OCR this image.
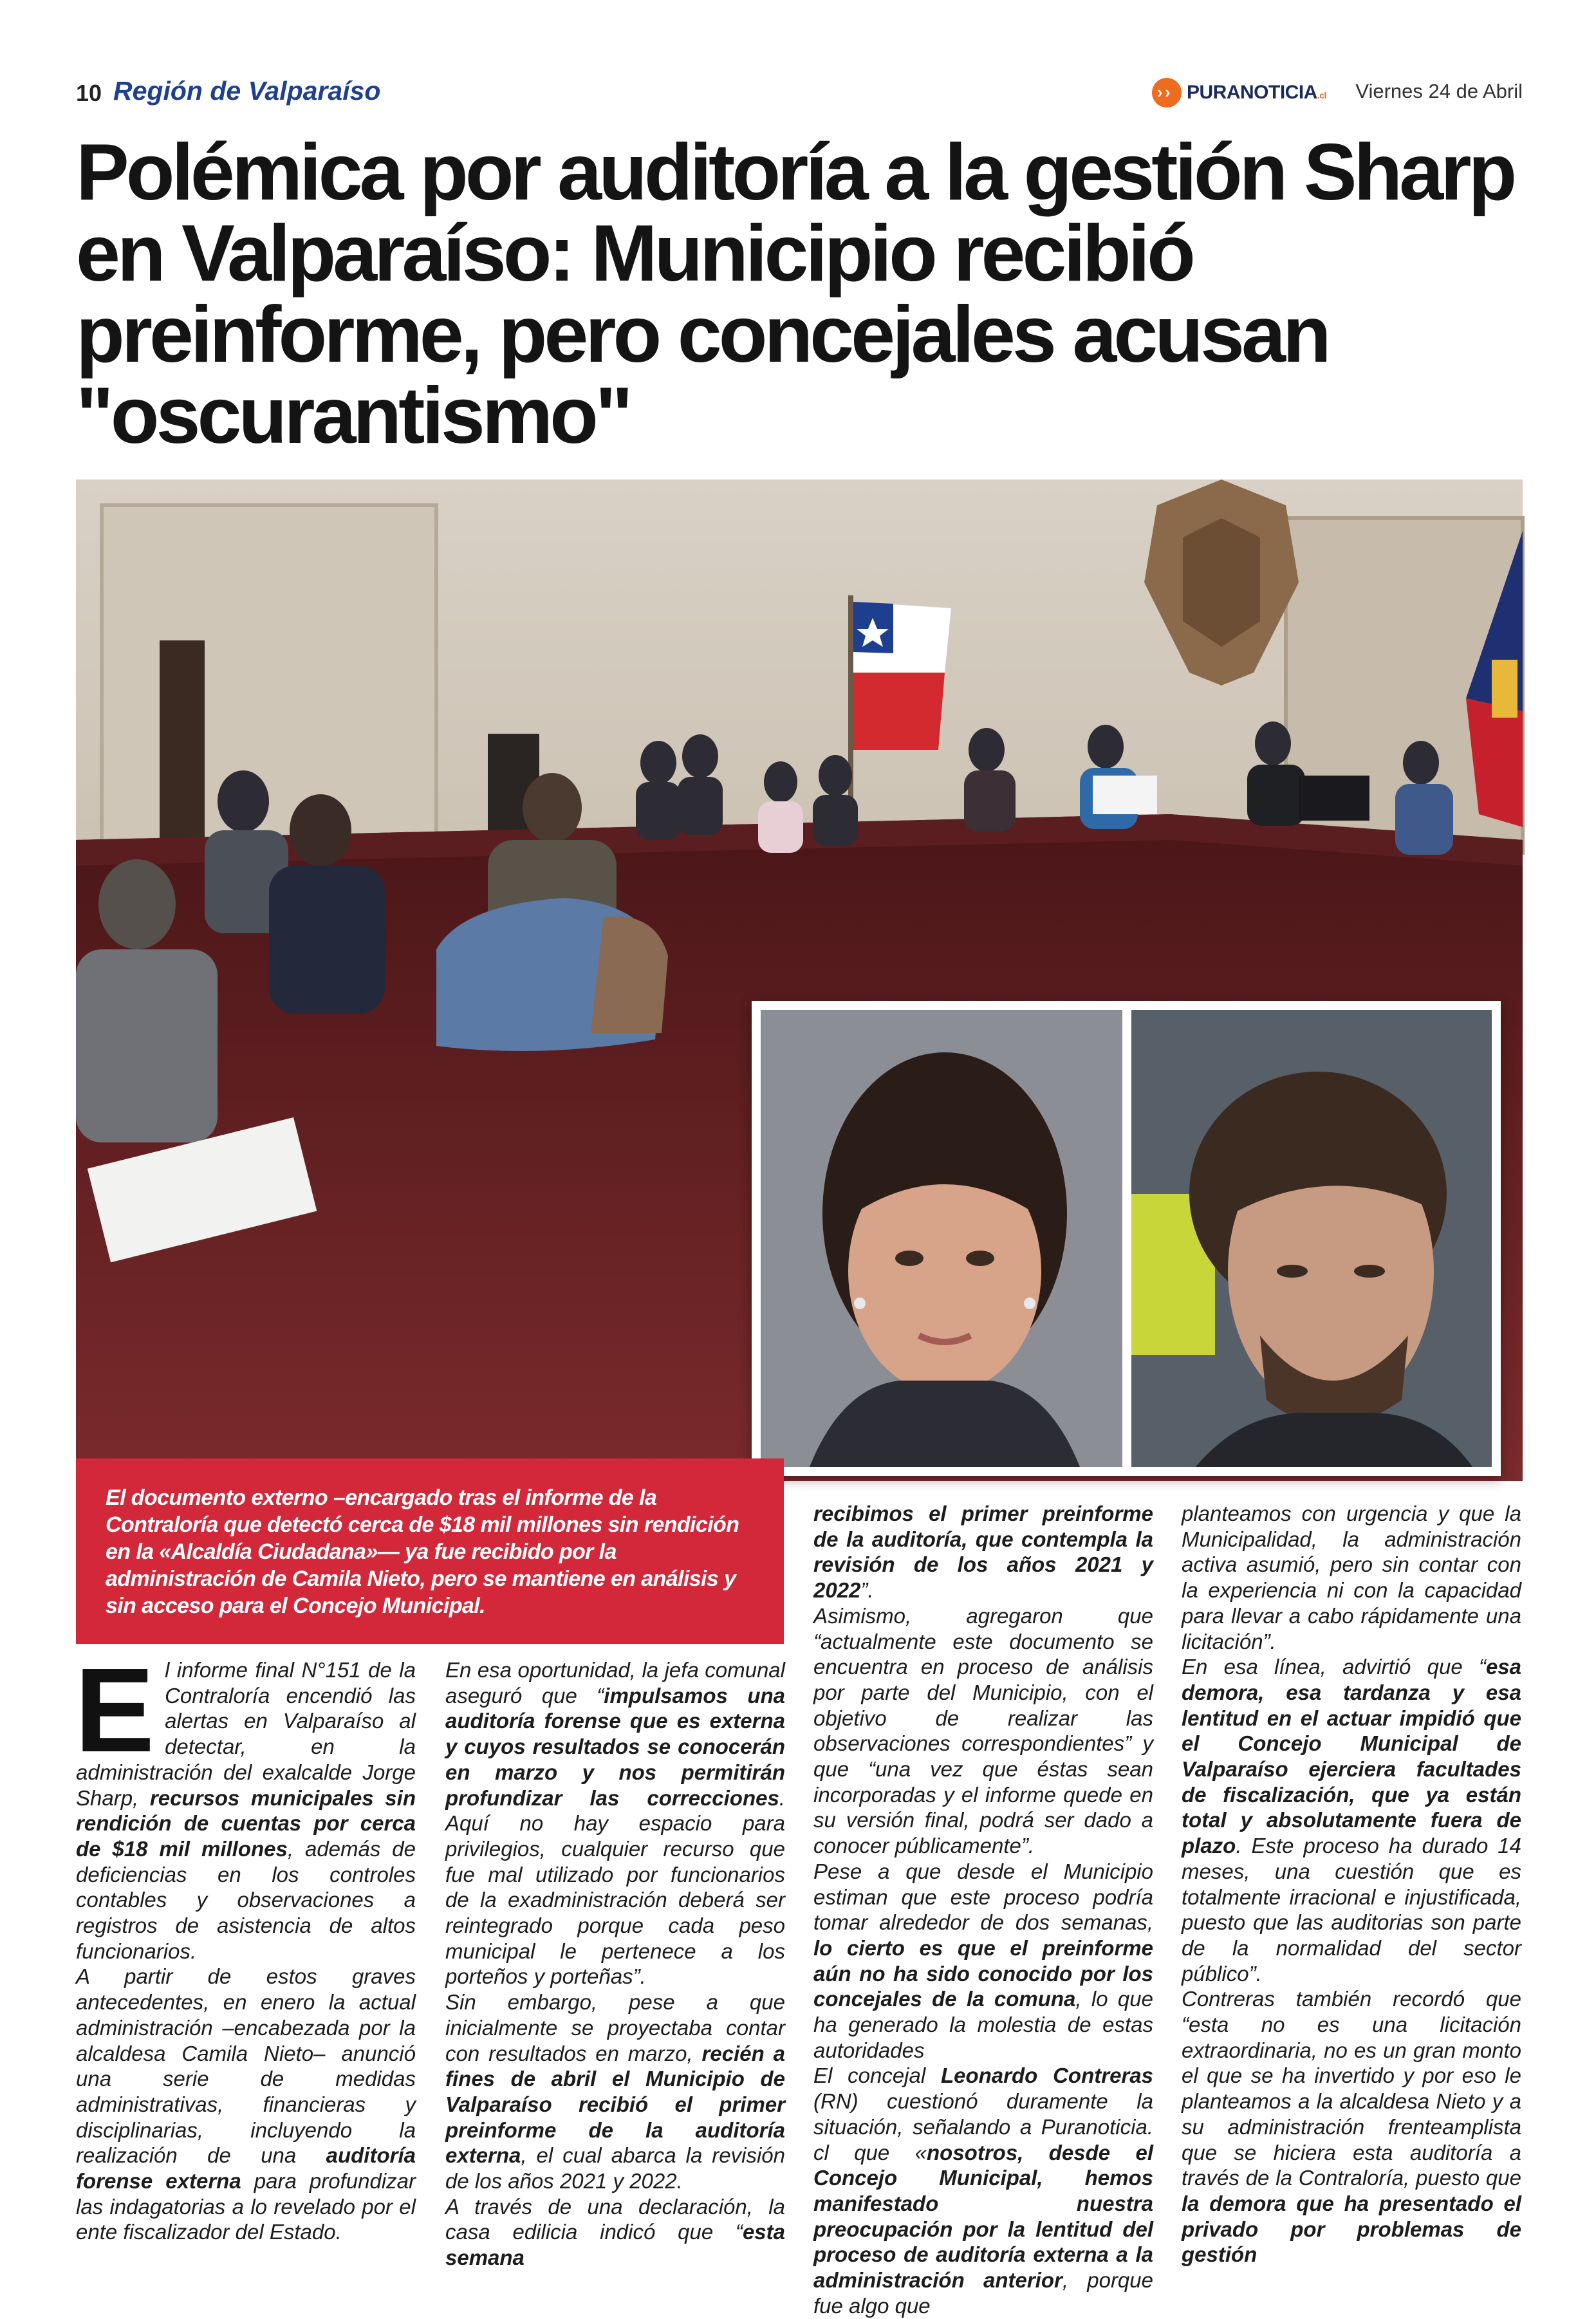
10 Región de Valparaíso	› › PURANOTICIA.cl Viernes 24 de Abril
Polémica por auditoría a la gestión Sharp en Valparaíso: Municipio recibió preinforme, pero concejales acusan "oscurantismo"

El documento externo –encargado tras el informe de la Contraloría que detectó cerca de $18 mil millones sin rendición en la «Alcaldía Ciudadana»— ya fue recibido por la administración de Camila Nieto, pero se mantiene en análisis y sin acceso para el Concejo Municipal.

El informe final N°151 de la Contraloría encendió las alertas en Valparaíso al detectar, en la administración del exalcalde Jorge Sharp, recursos municipales sin rendición de cuentas por cerca de $18 mil millones, además de deficiencias en los controles contables y observaciones a registros de asistencia de altos funcionarios.

A partir de estos graves antecedentes, en enero la actual administración –encabezada por la alcaldesa Camila Nieto– anunció una serie de medidas administrativas, financieras y disciplinarias, incluyendo la realización de una auditoría forense externa para profundizar las indagatorias a lo revelado por el ente fiscalizador del Estado.

En esa oportunidad, la jefa comunal aseguró que “impulsamos una auditoría forense que es externa y cuyos resultados se conocerán en marzo y nos permitirán profundizar las correcciones. Aquí no hay espacio para privilegios, cualquier recurso que fue mal utilizado por funcionarios de la exadministración deberá ser reintegrado porque cada peso municipal le pertenece a los porteños y porteñas”.

Sin embargo, pese a que inicialmente se proyectaba contar con resultados en marzo, recién a fines de abril el Municipio de Valparaíso recibió el primer preinforme de la auditoría externa, el cual abarca la revisión de los años 2021 y 2022.

A través de una declaración, la casa edilicia indicó que “esta semana

recibimos el primer preinforme de la auditoría, que contempla la revisión de los años 2021 y 2022”.

Asimismo, agregaron que “actualmente este documento se encuentra en proceso de análisis por parte del Municipio, con el objetivo de realizar las observaciones correspondientes” y que “una vez que éstas sean incorporadas y el informe quede en su versión final, podrá ser dado a conocer públicamente”.

Pese a que desde el Municipio estiman que este proceso podría tomar alrededor de dos semanas, lo cierto es que el preinforme aún no ha sido conocido por los concejales de la comuna, lo que ha generado la molestia de estas autoridades

El concejal Leonardo Contreras (RN) cuestionó duramente la situación, señalando a Puranoticia. cl que «nosotros, desde el Concejo Municipal, hemos manifestado nuestra preocupación por la lentitud del proceso de auditoría externa a la administración anterior, porque fue algo que

planteamos con urgencia y que la Municipalidad, la administración activa asumió, pero sin contar con la experiencia ni con la capacidad para llevar a cabo rápidamente una licitación”.

En esa línea, advirtió que “esa demora, esa tardanza y esa lentitud en el actuar impidió que el Concejo Municipal de Valparaíso ejerciera facultades de fiscalización, que ya están total y absolutamente fuera de plazo. Este proceso ha durado 14 meses, una cuestión que es totalmente irracional e injustificada, puesto que las auditorias son parte de la normalidad del sector público”.

Contreras también recordó que “esta no es una licitación extraordinaria, no es un gran monto el que se ha invertido y por eso le planteamos a la alcaldesa Nieto y a su administración frenteamplista que se hiciera esta auditoría a través de la Contraloría, puesto que la demora que ha presentado el privado por problemas de gestión
